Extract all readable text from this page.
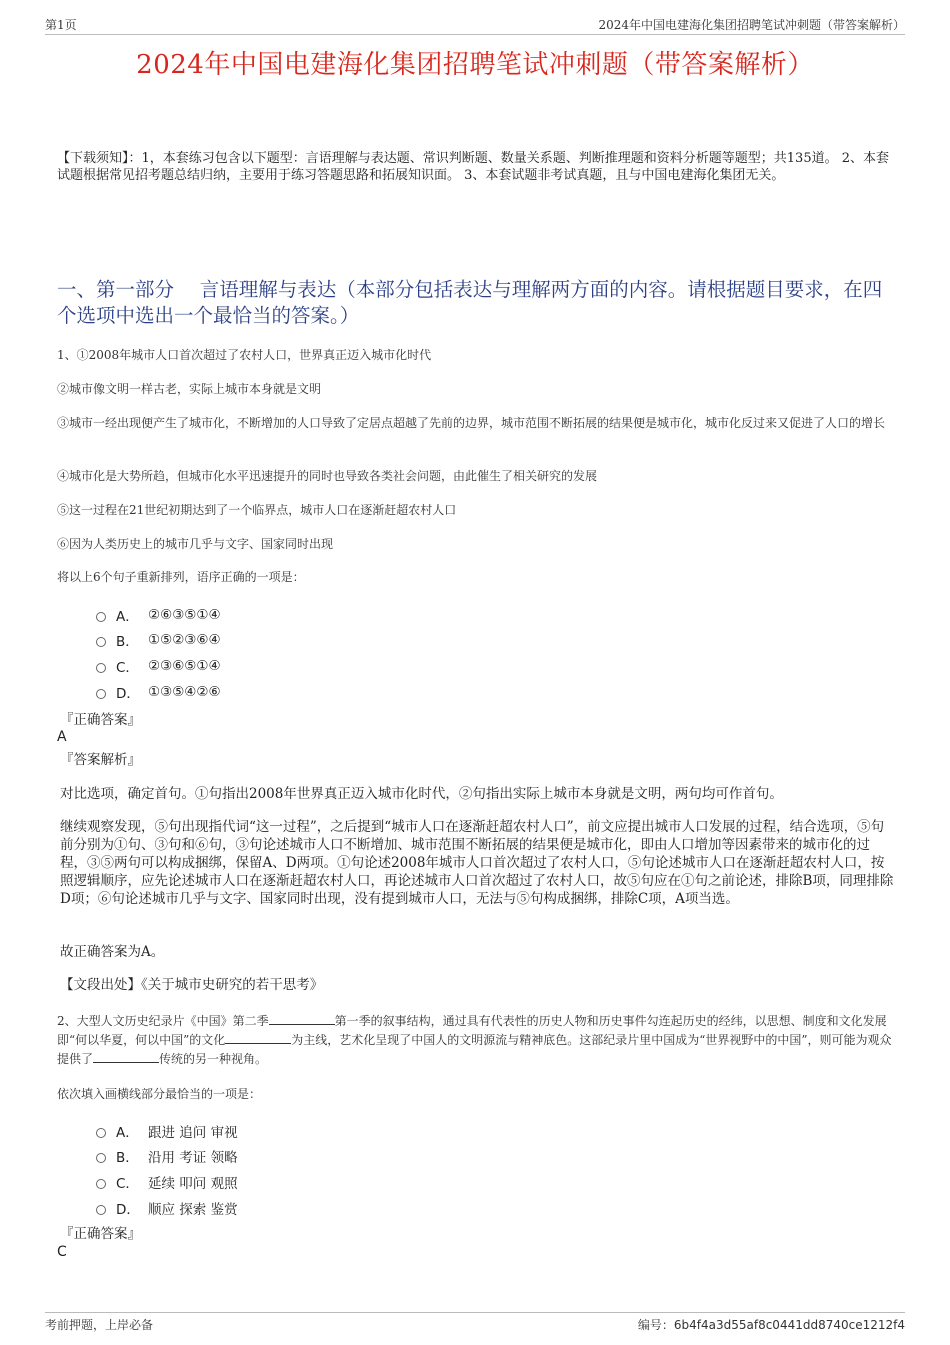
第1页	2024年中国电建海化集团招聘笔试冲刺题（带答案解析）
2024年中国电建海化集团招聘笔试冲刺题（带答案解析）
【下载须知】：1，本套练习包含以下题型：言语理解与表达题、常识判断题、数量关系题、判断推理题和资料分析题等题型；共135道。 2、本套试题根据常见招考题总结归纳，主要用于练习答题思路和拓展知识面。 3、本套试题非考试真题，且与中国电建海化集团无关。
一、第一部分　 言语理解与表达（本部分包括表达与理解两方面的内容。请根据题目要求，在四个选项中选出一个最恰当的答案。）
1、①2008年城市人口首次超过了农村人口，世界真正迈入城市化时代
②城市像文明一样古老，实际上城市本身就是文明
③城市一经出现便产生了城市化，不断增加的人口导致了定居点超越了先前的边界，城市范围不断拓展的结果便是城市化，城市化反过来又促进了人口的增长
④城市化是大势所趋，但城市化水平迅速提升的同时也导致各类社会问题，由此催生了相关研究的发展
⑤这一过程在21世纪初期达到了一个临界点，城市人口在逐渐赶超农村人口
⑥因为人类历史上的城市几乎与文字、国家同时出现
将以上6个句子重新排列，语序正确的一项是：
A． ②⑥③⑤①④
B． ①⑤②③⑥④
C． ②③⑥⑤①④
D． ①③⑤④②⑥
『正确答案』
A
『答案解析』
对比选项，确定首句。①句指出2008年世界真正迈入城市化时代，②句指出实际上城市本身就是文明，两句均可作首句。
继续观察发现，⑤句出现指代词“这一过程”，之后提到“城市人口在逐渐赶超农村人口”，前文应提出城市人口发展的过程，结合选项，⑤句前分别为①句、③句和⑥句，③句论述城市人口不断增加、城市范围不断拓展的结果便是城市化，即由人口增加等因素带来的城市化的过程，③⑤两句可以构成捆绑，保留A、D两项。①句论述2008年城市人口首次超过了农村人口，⑤句论述城市人口在逐渐赶超农村人口，按照逻辑顺序，应先论述城市人口在逐渐赶超农村人口，再论述城市人口首次超过了农村人口，故⑤句应在①句之前论述，排除B项，同理排除D项；⑥句论述城市几乎与文字、国家同时出现，没有提到城市人口，无法与⑤句构成捆绑，排除C项，A项当选。
故正确答案为A。
【文段出处】《关于城市史研究的若干思考》
2、大型人文历史纪录片《中国》第二季	第一季的叙事结构，通过具有代表性的历史人物和历史事件勾连起历史的经纬，以思想、制度和文化发展即“何以华夏，何以中国”的文化	为主线，艺术化呈现了中国人的文明源流与精神底色。这部纪录片里中国成为“世界视野中的中国”，则可能为观众提供了	传统的另一种视角。
依次填入画横线部分最恰当的一项是：
A． 跟进 追问 审视
B． 沿用 考证 领略
C． 延续 叩问 观照
D． 顺应 探索 鉴赏
『正确答案』
C
考前押题，上岸必备	编号：6b4f4a3d55af8c0441dd8740ce1212f4
